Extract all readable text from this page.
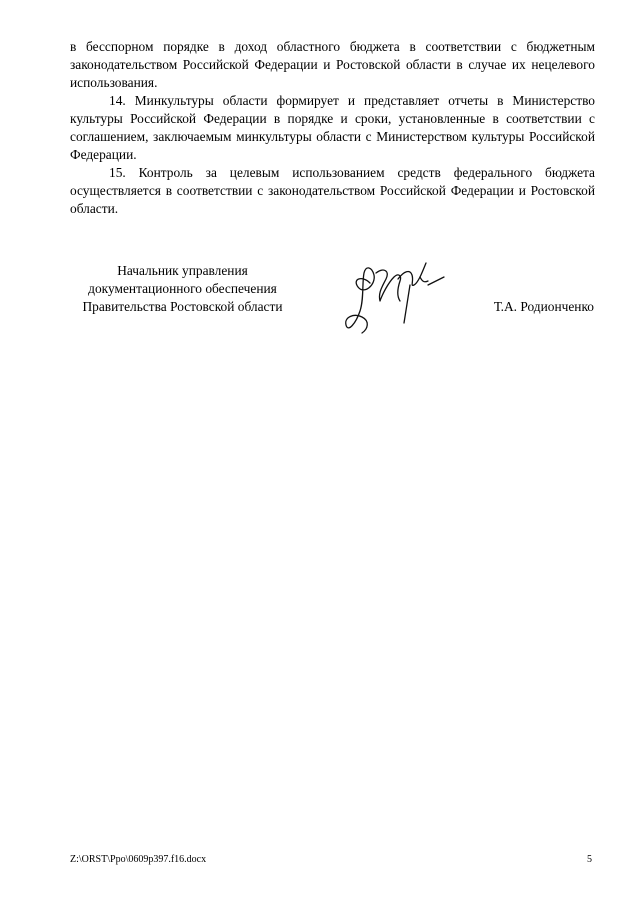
в бесспорном порядке в доход областного бюджета в соответствии с бюджетным законодательством Российской Федерации и Ростовской области в случае их нецелевого использования.

14. Минкультуры области формирует и представляет отчеты в Министерство культуры Российской Федерации в порядке и сроки, установленные в соответствии с соглашением, заключаемым минкультуры области с Министерством культуры Российской Федерации.

15. Контроль за целевым использованием средств федерального бюджета осуществляется в соответствии с законодательством Российской Федерации и Ростовской области.

Начальник управления
документационного обеспечения
Правительства Ростовской области	Т.А. Родионченко
Z:\ORST\Ppo\0609p397.f16.docx	5
